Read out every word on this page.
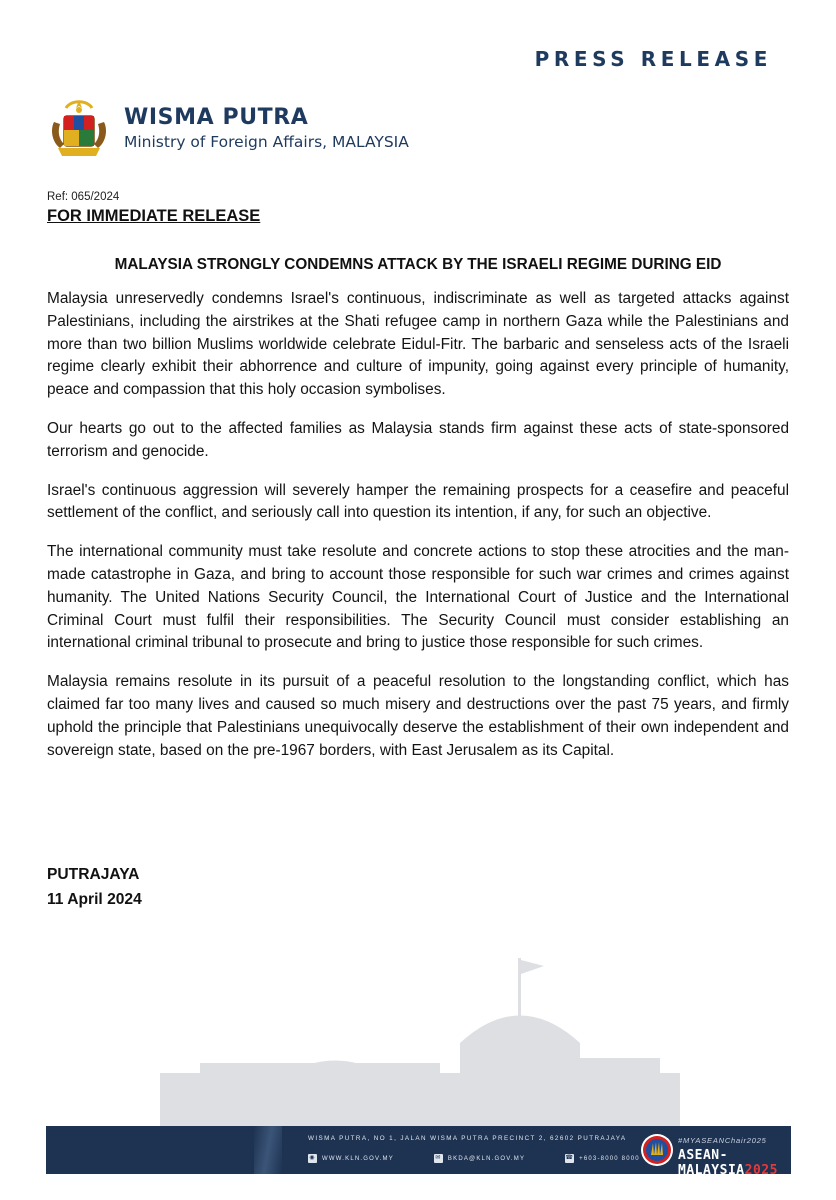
PRESS RELEASE
WISMA PUTRA
Ministry of Foreign Affairs, MALAYSIA
Ref: 065/2024
FOR IMMEDIATE RELEASE
MALAYSIA STRONGLY CONDEMNS ATTACK BY THE ISRAELI REGIME DURING EID

Malaysia unreservedly condemns Israel's continuous, indiscriminate as well as targeted attacks against Palestinians, including the airstrikes at the Shati refugee camp in northern Gaza while the Palestinians and more than two billion Muslims worldwide celebrate Eidul-Fitr. The barbaric and senseless acts of the Israeli regime clearly exhibit their abhorrence and culture of impunity, going against every principle of humanity, peace and compassion that this holy occasion symbolises.

Our hearts go out to the affected families as Malaysia stands firm against these acts of state-sponsored terrorism and genocide.

Israel's continuous aggression will severely hamper the remaining prospects for a ceasefire and peaceful settlement of the conflict, and seriously call into question its intention, if any, for such an objective.

The international community must take resolute and concrete actions to stop these atrocities and the man-made catastrophe in Gaza, and bring to account those responsible for such war crimes and crimes against humanity. The United Nations Security Council, the International Court of Justice and the International Criminal Court must fulfil their responsibilities. The Security Council must consider establishing an international criminal tribunal to prosecute and bring to justice those responsible for such crimes.

Malaysia remains resolute in its pursuit of a peaceful resolution to the longstanding conflict, which has claimed far too many lives and caused so much misery and destructions over the past 75 years, and firmly uphold the principle that Palestinians unequivocally deserve the establishment of their own independent and sovereign state, based on the pre-1967 borders, with East Jerusalem as its Capital.

PUTRAJAYA
11 April 2024
WISMA PUTRA, NO 1, JALAN WISMA PUTRA PRECINCT 2, 62602 PUTRAJAYA
◉ WWW.KLN.GOV.MY	✉ BKDA@KLN.GOV.MY	☎ +603-8000 8000
#MYASEANChair2025
ASEAN-MALAYSIA2025
